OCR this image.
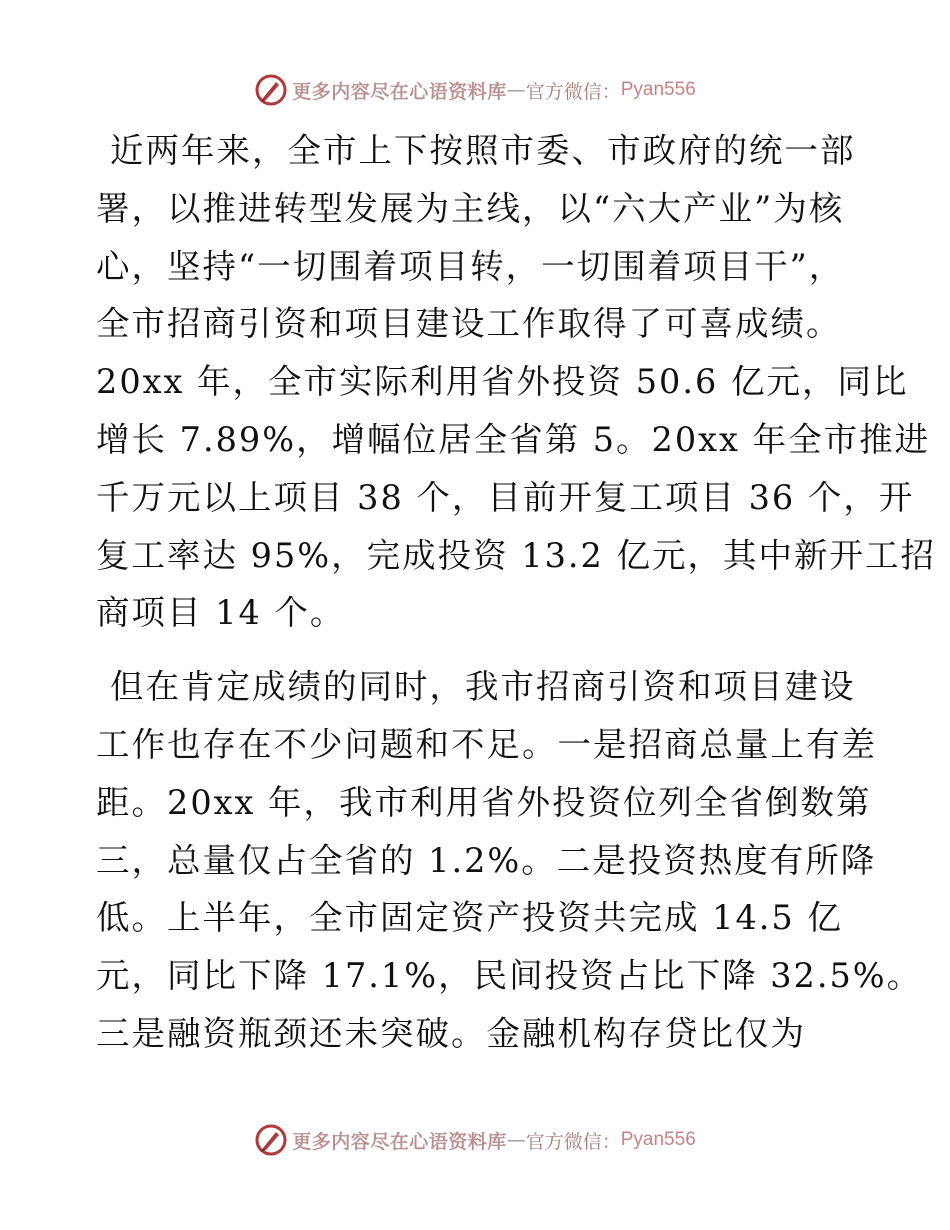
更多内容尽在心语资料库 — 官方微信： Pyan556

近两年来，全市上下按照市委、市政府的统一部
署，以推进转型发展为主线，以“六大产业”为核
心，坚持“一切围着项目转，一切围着项目干”，
全市招商引资和项目建设工作取得了可喜成绩。
20xx 年，全市实际利用省外投资 50.6 亿元，同比
增长 7.89%，增幅位居全省第 5。20xx 年全市推进
千万元以上项目 38 个，目前开复工项目 36 个，开
复工率达 95%，完成投资 13.2 亿元，其中新开工招
商项目 14 个。

但在肯定成绩的同时，我市招商引资和项目建设
工作也存在不少问题和不足。一是招商总量上有差
距。20xx 年，我市利用省外投资位列全省倒数第
三，总量仅占全省的 1.2%。二是投资热度有所降
低。上半年，全市固定资产投资共完成 14.5 亿
元，同比下降 17.1%，民间投资占比下降 32.5%。
三是融资瓶颈还未突破。金融机构存贷比仅为

更多内容尽在心语资料库 — 官方微信： Pyan556
